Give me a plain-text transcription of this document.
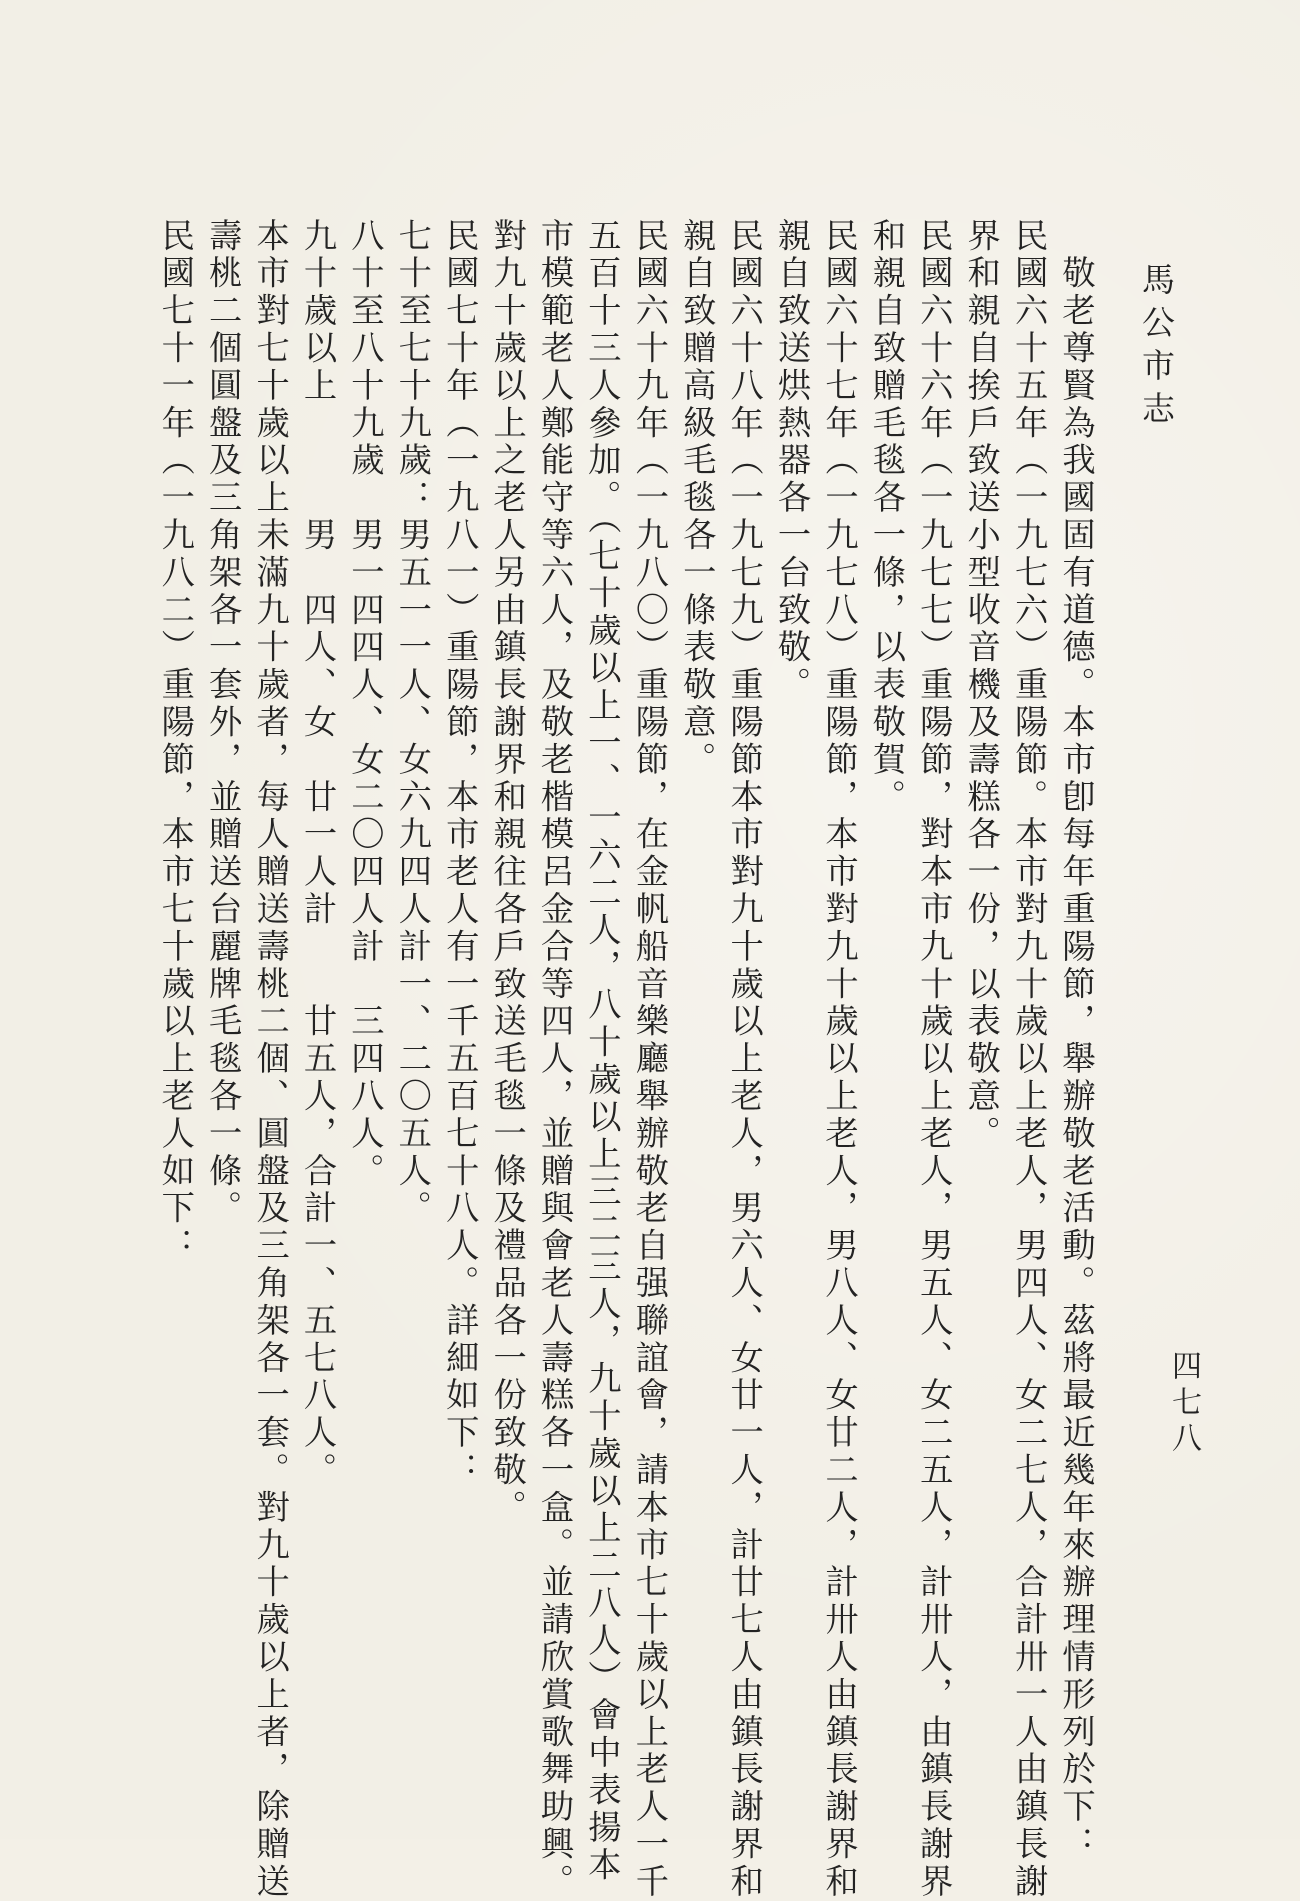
馬公市志
四七八
　敬老尊賢為我國固有道德。本市卽每年重陽節，舉辦敬老活動。茲將最近幾年來辦理情形列於下：
民國六十五年（一九七六）重陽節。本市對九十歲以上老人，男四人、女二七人，合計卅一人由鎮長謝
界和親自挨戶致送小型收音機及壽糕各一份，以表敬意。
民國六十六年（一九七七）重陽節，對本市九十歲以上老人，男五人、女二五人，計卅人，由鎮長謝界
和親自致贈毛毯各一條，以表敬賀。
民國六十七年（一九七八）重陽節，本市對九十歲以上老人，男八人、女廿二人，計卅人由鎮長謝界和
親自致送烘熱器各一台致敬。
民國六十八年（一九七九）重陽節本市對九十歲以上老人，男六人、女廿一人，計廿七人由鎮長謝界和
親自致贈高級毛毯各一條表敬意。
民國六十九年（一九八〇）重陽節，在金帆船音樂廳舉辦敬老自强聯誼會，請本市七十歲以上老人一千
五百十三人參加。（七十歲以上一、一六二人，八十歲以上三二三人，九十歲以上二八人）會中表揚本
市模範老人鄭能守等六人，及敬老楷模呂金合等四人，並贈與會老人壽糕各一盒。並請欣賞歌舞助興。
對九十歲以上之老人另由鎮長謝界和親往各戶致送毛毯一條及禮品各一份致敬。
民國七十年（一九八一）重陽節，本市老人有一千五百七十八人。詳細如下：
七十至七十九歲：男五一一人、女六九四人計一、二〇五人。
八十至八十九歲　男一四四人、女二〇四人計　三四八人。
九十歲以上　　　男　四人、女　廿一人計　　廿五人，合計一、五七八人。
本市對七十歲以上未滿九十歲者，每人贈送壽桃二個、圓盤及三角架各一套。對九十歲以上者，除贈送
壽桃二個圓盤及三角架各一套外，並贈送台麗牌毛毯各一條。
民國七十一年（一九八二）重陽節，本市七十歲以上老人如下：
